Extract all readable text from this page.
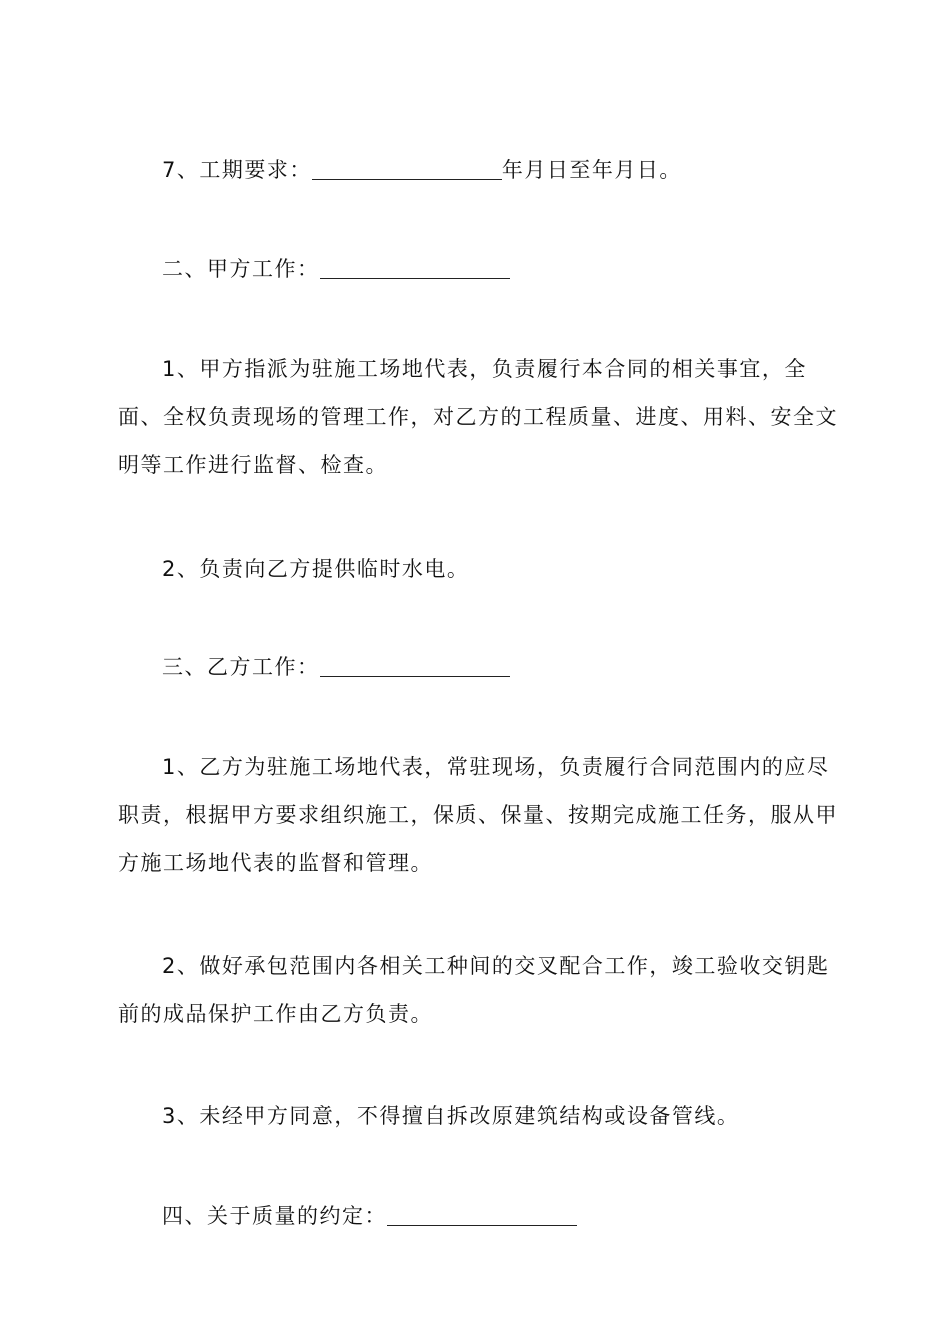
7、工期要求：	年月日至年月日。
二、甲方工作：
1、甲方指派为驻施工场地代表，负责履行本合同的相关事宜，全面、全权负责现场的管理工作，对乙方的工程质量、进度、用料、安全文明等工作进行监督、检查。
2、负责向乙方提供临时水电。
三、乙方工作：
1、乙方为驻施工场地代表，常驻现场，负责履行合同范围内的应尽职责，根据甲方要求组织施工，保质、保量、按期完成施工任务，服从甲方施工场地代表的监督和管理。
2、做好承包范围内各相关工种间的交叉配合工作，竣工验收交钥匙前的成品保护工作由乙方负责。
3、未经甲方同意，不得擅自拆改原建筑结构或设备管线。
四、关于质量的约定：
